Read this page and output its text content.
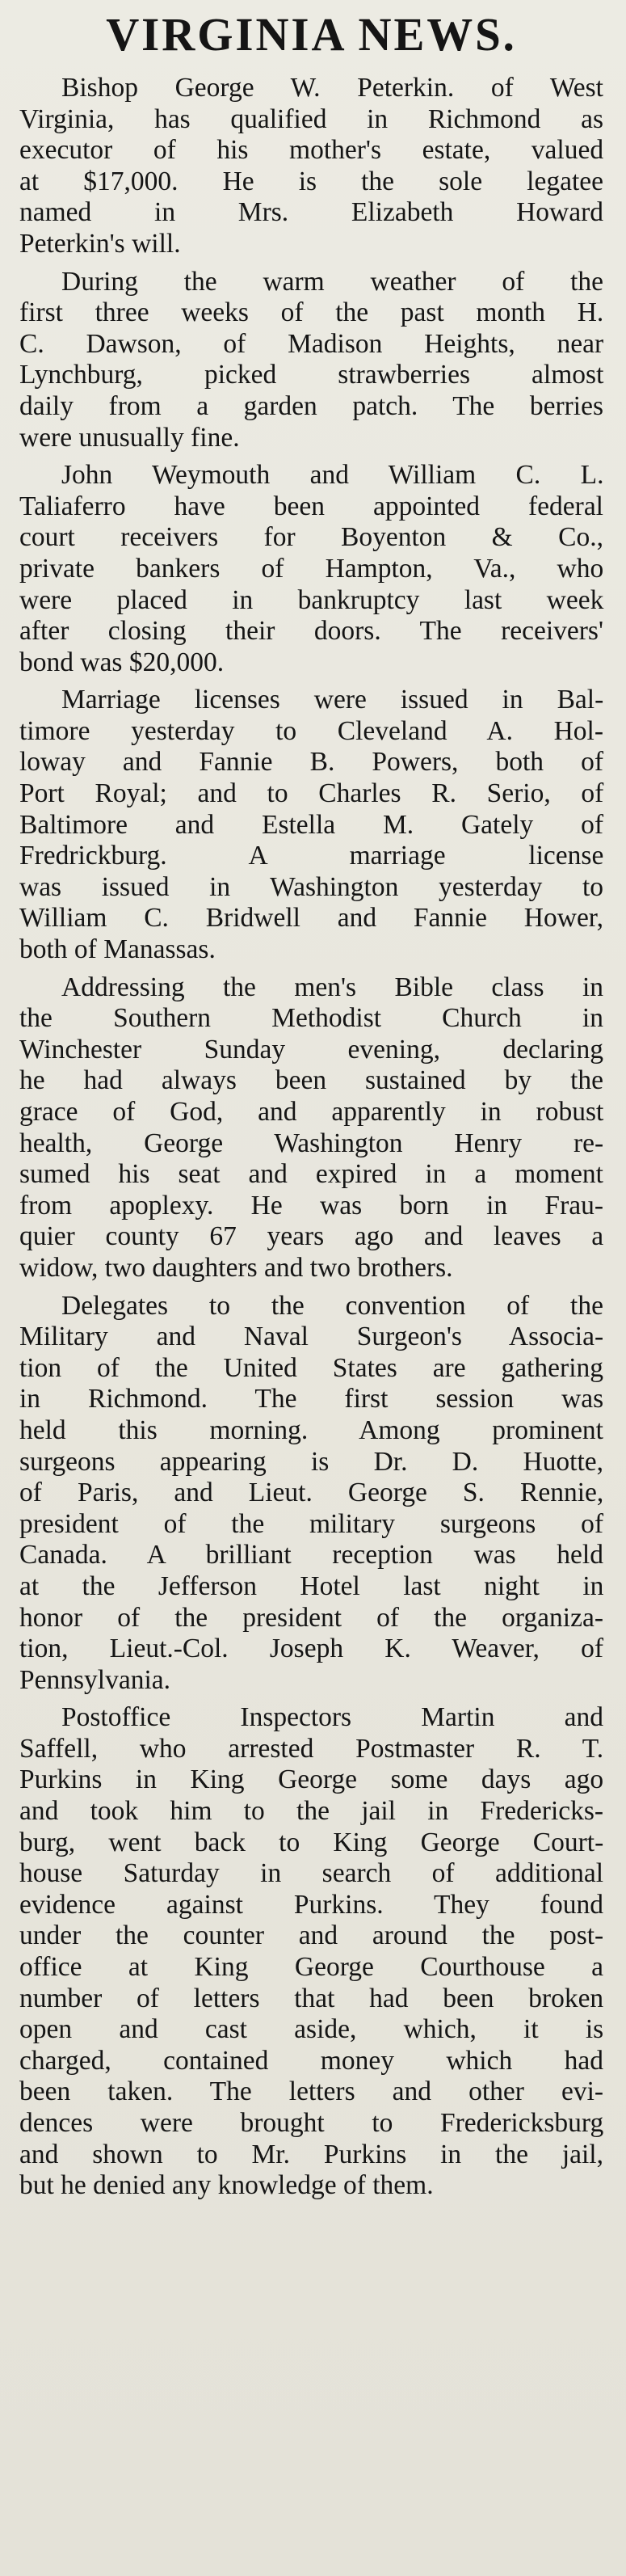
VIRGINIA NEWS.
Bishop George W. Peterkin. of West
Virginia, has qualified in Richmond as
executor of his mother's estate, valued
at $17,000. He is the sole legatee
named in Mrs. Elizabeth Howard
Peterkin's will.
During the warm weather of the
first three weeks of the past month H.
C. Dawson, of Madison Heights, near
Lynchburg, picked strawberries almost
daily from a garden patch. The berries
were unusually fine.
John Weymouth and William C. L.
Taliaferro have been appointed federal
court receivers for Boyenton & Co.,
private bankers of Hampton, Va., who
were placed in bankruptcy last week
after closing their doors. The receivers'
bond was $20,000.
Marriage licenses were issued in Bal-
timore yesterday to Cleveland A. Hol-
loway and Fannie B. Powers, both of
Port Royal; and to Charles R. Serio, of
Baltimore and Estella M. Gately of
Fredrickburg. A marriage license
was issued in Washington yesterday to
William C. Bridwell and Fannie Hower,
both of Manassas.
Addressing the men's Bible class in
the Southern Methodist Church in
Winchester Sunday evening, declaring
he had always been sustained by the
grace of God, and apparently in robust
health, George Washington Henry re-
sumed his seat and expired in a moment
from apoplexy. He was born in Frau-
quier county 67 years ago and leaves a
widow, two daughters and two brothers.
Delegates to the convention of the
Military and Naval Surgeon's Associa-
tion of the United States are gathering
in Richmond. The first session was
held this morning. Among prominent
surgeons appearing is Dr. D. Huotte,
of Paris, and Lieut. George S. Rennie,
president of the military surgeons of
Canada. A brilliant reception was held
at the Jefferson Hotel last night in
honor of the president of the organiza-
tion, Lieut.-Col. Joseph K. Weaver, of
Pennsylvania.
Postoffice Inspectors Martin and
Saffell, who arrested Postmaster R. T.
Purkins in King George some days ago
and took him to the jail in Fredericks-
burg, went back to King George Court-
house Saturday in search of additional
evidence against Purkins. They found
under the counter and around the post-
office at King George Courthouse a
number of letters that had been broken
open and cast aside, which, it is
charged, contained money which had
been taken. The letters and other evi-
dences were brought to Fredericksburg
and shown to Mr. Purkins in the jail,
but he denied any knowledge of them.
